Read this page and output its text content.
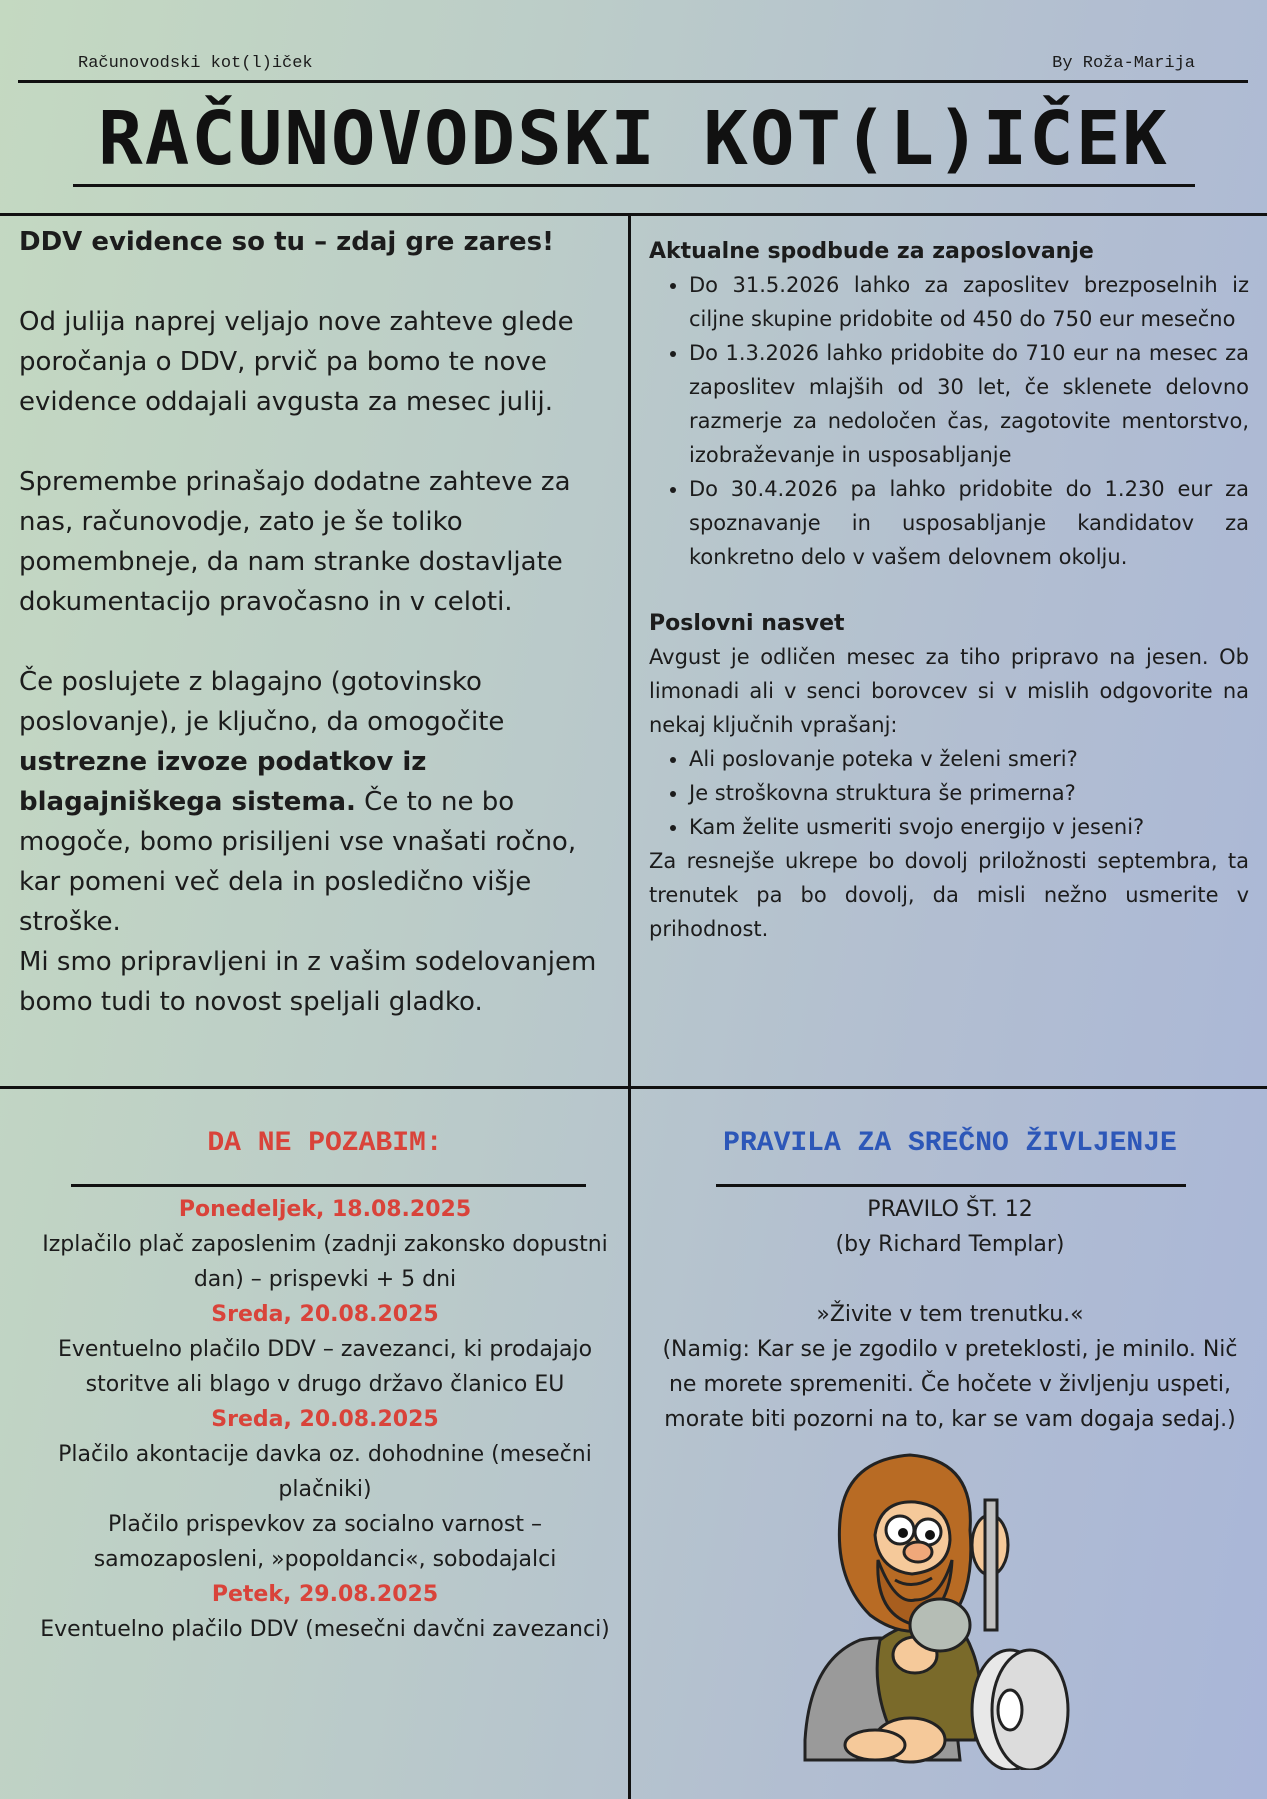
Računovodski kot(l)iček	By Roža-Marija
RAČUNOVODSKI KOT(L)IČEK

DDV evidence so tu – zdaj gre zares!

Od julija naprej veljajo nove zahteve glede poročanja o DDV, prvič pa bomo te nove evidence oddajali avgusta za mesec julij.

Spremembe prinašajo dodatne zahteve za nas, računovodje, zato je še toliko pomembneje, da nam stranke dostavljate dokumentacijo pravočasno in v celoti.

Če poslujete z blagajno (gotovinsko poslovanje), je ključno, da omogočite ustrezne izvoze podatkov iz blagajniškega sistema. Če to ne bo mogoče, bomo prisiljeni vse vnašati ročno, kar pomeni več dela in posledično višje stroške.

Mi smo pripravljeni in z vašim sodelovanjem bomo tudi to novost speljali gladko.

Aktualne spodbude za zaposlovanje
• Do 31.5.2026 lahko za zaposlitev brezposelnih iz ciljne skupine pridobite od 450 do 750 eur mesečno
• Do 1.3.2026 lahko pridobite do 710 eur na mesec za zaposlitev mlajših od 30 let, če sklenete delovno razmerje za nedoločen čas, zagotovite mentorstvo, izobraževanje in usposabljanje
• Do 30.4.2026 pa lahko pridobite do 1.230 eur za spoznavanje in usposabljanje kandidatov za konkretno delo v vašem delovnem okolju.
Poslovni nasvet

Avgust je odličen mesec za tiho pripravo na jesen. Ob limonadi ali v senci borovcev si v mislih odgovorite na nekaj ključnih vprašanj:

• Ali poslovanje poteka v želeni smeri?
• Je stroškovna struktura še primerna?
• Kam želite usmeriti svojo energijo v jeseni?

Za resnejše ukrepe bo dovolj priložnosti septembra, ta trenutek pa bo dovolj, da misli nežno usmerite v prihodnost.

DA NE POZABIM:
Ponedeljek, 18.08.2025
Izplačilo plač zaposlenim (zadnji zakonsko dopustni dan) – prispevki + 5 dni
Sreda, 20.08.2025
Eventuelno plačilo DDV – zavezanci, ki prodajajo storitve ali blago v drugo državo članico EU
Sreda, 20.08.2025
Plačilo akontacije davka oz. dohodnine (mesečni plačniki)
Plačilo prispevkov za socialno varnost – samozaposleni, »popoldanci«, sobodajalci
Petek, 29.08.2025
Eventuelno plačilo DDV (mesečni davčni zavezanci)
PRAVILA ZA SREČNO ŽIVLJENJE

PRAVILO ŠT. 12

(by Richard Templar)

»Živite v tem trenutku.«

(Namig: Kar se je zgodilo v preteklosti, je minilo. Nič ne morete spremeniti. Če hočete v življenju uspeti, morate biti pozorni na to, kar se vam dogaja sedaj.)
